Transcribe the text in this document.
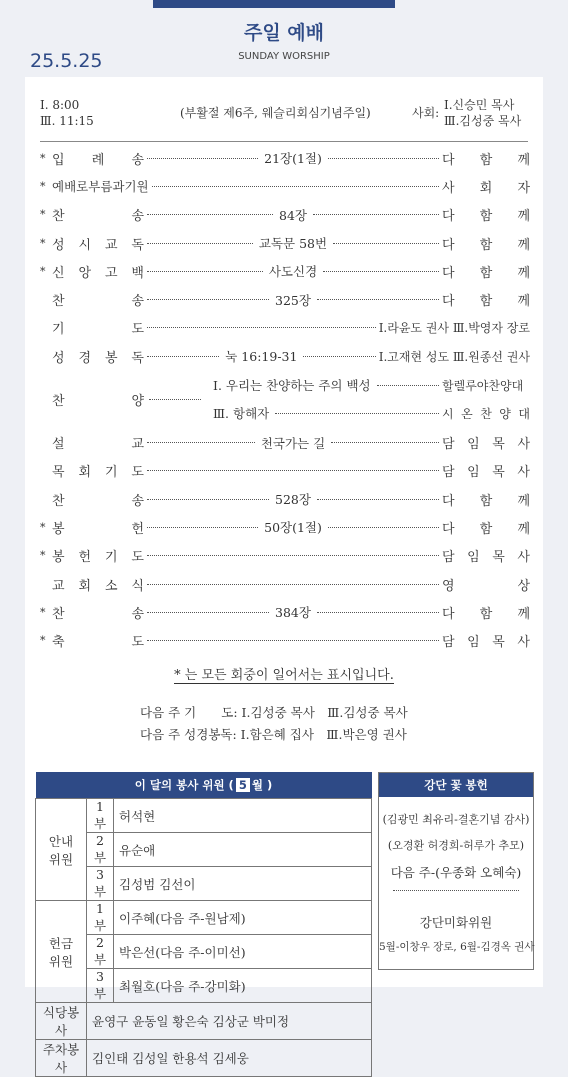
주일 예배
SUNDAY WORSHIP
25.5.25
Ⅰ. 8:00
Ⅲ. 11:15
(부활절 제6주, 웨슬리회심기념주일)	사회:
Ⅰ.신승민 목사
Ⅲ.김성중 목사
* 입 례 송	21장(1절)	다 함 께
* 예 배 로 부 름 과 기 원	사 회 자
* 찬	송	84장	다 함 께
* 성 시 교 독	교독문 58번	다 함 께
* 신 앙 고 백	사도신경	다 함 께
찬	송	325장	다 함 께
기	도	Ⅰ.라윤도 권사 Ⅲ.박영자 장로
성 경 봉 독	눅 16:19-31	Ⅰ.고재현 성도 Ⅲ.원종선 권사
찬	양
Ⅰ. 우리는 찬양하는 주의 백성	할 렐 루 야 찬 양 대
Ⅲ. 항해자	시 온 찬 양 대
설	교	천국가는 길	담 임 목 사
목 회 기 도	담 임 목 사
찬	송	528장	다 함 께
* 봉	헌	50장(1절)	다 함 께
* 봉 헌 기 도	담 임 목 사
교 회 소 식	영	상
* 찬	송	384장	다 함 께
* 축	도	담 임 목 사
* 는 모든 회중이 일어서는 표시입니다.
다음 주 기　　도: Ⅰ.김성중 목사　Ⅲ.김성중 목사
다음 주 성경봉독: Ⅰ.함은혜 집사　Ⅲ.박은영 권사
이 달의 봉사 위원 ( 5 월 )		

안내
위원	1부	허석현
	2부	유순애
	3부	김성범 김선이

헌금
위원	1부	이주혜(다음 주-원남제)
	2부	박은선(다음 주-이미선)
	3부	최월호(다음 주-강미화)
식당봉사	윤영구 윤동일 황은숙 김상군 박미정	
주차봉사	김인태 김성일 한용석 김세웅	
강단 꽃 봉헌
(김광민 최유리-결혼기념 감사)
(오경환 허경희-허루가 추모)
다음 주-(우종화 오혜숙)
강단미화위원
5월-이창우 장로, 6월-김경옥 권사
